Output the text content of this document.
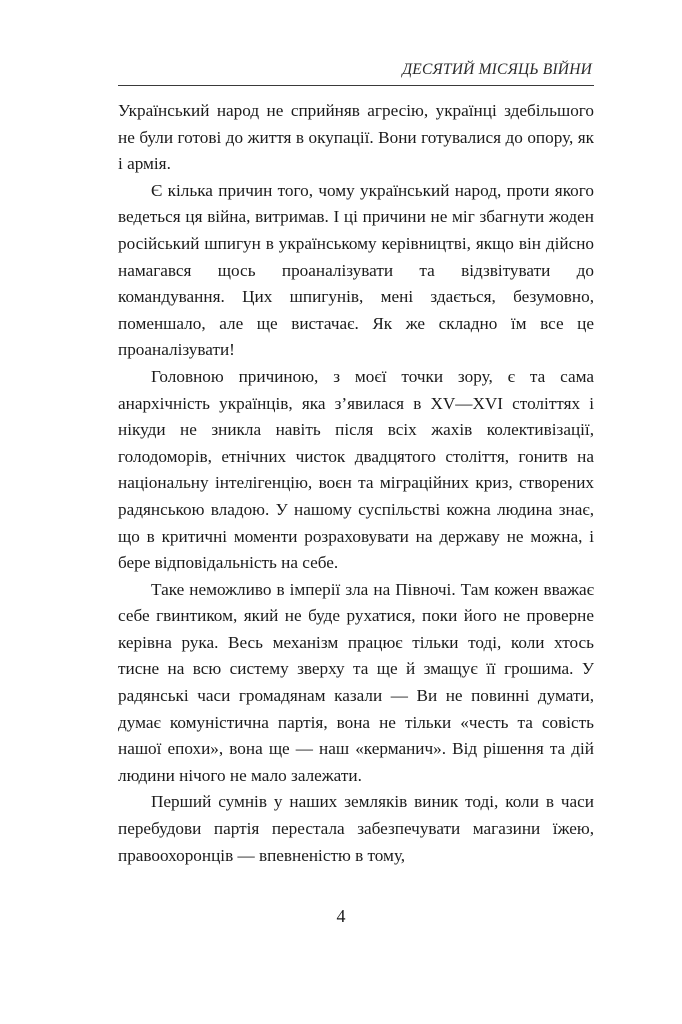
ДЕСЯТИЙ МІСЯЦЬ ВІЙНИ

Український народ не сприйняв агресію, українці здебільшого не були готові до життя в окупації. Вони готувалися до опору, як і армія.

Є кілька причин того, чому український народ, проти якого ведеться ця війна, витримав. І ці причини не міг збагнути жоден російський шпигун в українському керівництві, якщо він дійсно намагався щось проаналізувати та відзвітувати до командування. Цих шпигунів, мені здається, безумовно, поменшало, але ще вистачає. Як же складно їм все це проаналізувати!

Головною причиною, з моєї точки зору, є та сама анархічність українців, яка з’явилася в XV—XVI століттях і нікуди не зникла навіть після всіх жахів колективізації, голодоморів, етнічних чисток двадцятого століття, гонитв на національну інтелігенцію, воєн та міграційних криз, створених радянською владою. У нашому суспільстві кожна людина знає, що в критичні моменти розраховувати на державу не можна, і бере відповідальність на себе.

Таке неможливо в імперії зла на Півночі. Там кожен вважає себе гвинтиком, який не буде рухатися, поки його не проверне керівна рука. Весь механізм працює тільки тоді, коли хтось тисне на всю систему зверху та ще й змащує її грошима. У радянські часи громадянам казали — Ви не повинні думати, думає комуністична партія, вона не тільки «честь та совість нашої епохи», вона ще — наш «керманич». Від рішення та дій людини нічого не мало залежати.

Перший сумнів у наших земляків виник тоді, коли в часи перебудови партія перестала забезпечувати магазини їжею, правоохоронців — впевненістю в тому,

4
